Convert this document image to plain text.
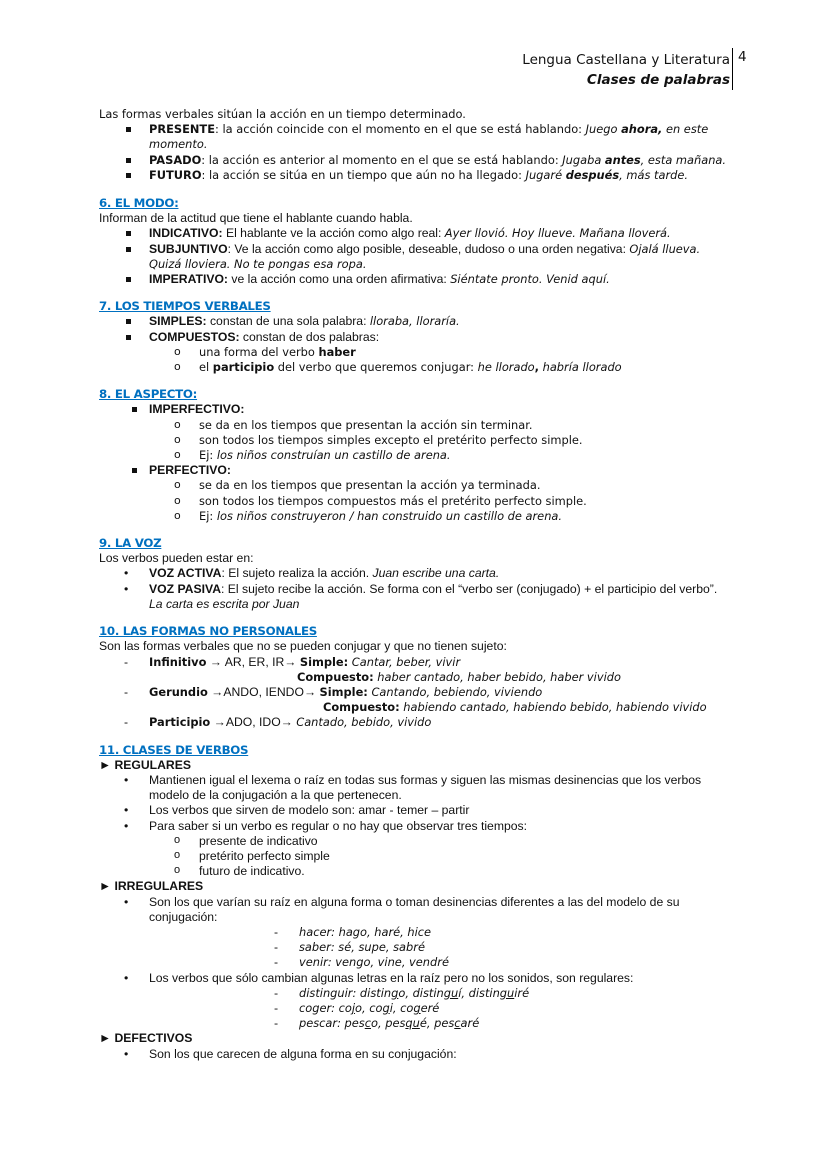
Lengua Castellana y Literatura
Clases de palabras
4

Las formas verbales sitúan la acción en un tiempo determinado.

PRESENTE: la acción coincide con el momento en el que se está hablando: Juego ahora, en este
momento.
PASADO: la acción es anterior al momento en el que se está hablando: Jugaba antes, esta mañana.
FUTURO: la acción se sitúa en un tiempo que aún no ha llegado: Jugaré después, más tarde.

6. EL MODO:

Informan de la actitud que tiene el hablante cuando habla.

INDICATIVO: El hablante ve la acción como algo real: Ayer llovió. Hoy llueve. Mañana lloverá.
SUBJUNTIVO: Ve la acción como algo posible, deseable, dudoso o una orden negativa: Ojalá llueva.
Quizá lloviera. No te pongas esa ropa.
IMPERATIVO: ve la acción como una orden afirmativa: Siéntate pronto. Venid aquí.

7. LOS TIEMPOS VERBALES

SIMPLES: constan de una sola palabra: lloraba, lloraría.
COMPUESTOS: constan de dos palabras:
o una forma del verbo haber
o el participio del verbo que queremos conjugar: he llorado, habría llorado

8. EL ASPECTO:

IMPERFECTIVO:
o se da en los tiempos que presentan la acción sin terminar.
o son todos los tiempos simples excepto el pretérito perfecto simple.
o Ej: los niños construían un castillo de arena.
PERFECTIVO:
o se da en los tiempos que presentan la acción ya terminada.
o son todos los tiempos compuestos más el pretérito perfecto simple.
o Ej: los niños construyeron / han construido un castillo de arena.

9. LA VOZ

Los verbos pueden estar en:

• VOZ ACTIVA: El sujeto realiza la acción. Juan escribe una carta.
• VOZ PASIVA: El sujeto recibe la acción. Se forma con el “verbo ser (conjugado) + el participio del verbo”.
La carta es escrita por Juan

10. LAS FORMAS NO PERSONALES

Son las formas verbales que no se pueden conjugar y que no tienen sujeto:

- Infinitivo → AR, ER, IR→ Simple: Cantar, beber, vivir
Compuesto: haber cantado, haber bebido, haber vivido
- Gerundio →ANDO, IENDO→ Simple: Cantando, bebiendo, viviendo
Compuesto: habiendo cantado, habiendo bebido, habiendo vivido
- Participio →ADO, IDO→ Cantado, bebido, vivido

11. CLASES DE VERBOS

► REGULARES

• Mantienen igual el lexema o raíz en todas sus formas y siguen las mismas desinencias que los verbos
modelo de la conjugación a la que pertenecen.
• Los verbos que sirven de modelo son: amar - temer – partir
• Para saber si un verbo es regular o no hay que observar tres tiempos:
o presente de indicativo
o pretérito perfecto simple
o futuro de indicativo.

► IRREGULARES

• Son los que varían su raíz en alguna forma o toman desinencias diferentes a las del modelo de su
conjugación:
- hacer: hago, haré, hice
- saber: sé, supe, sabré
- venir: vengo, vine, vendré
• Los verbos que sólo cambian algunas letras en la raíz pero no los sonidos, son regulares:
- distinguir: distingo, distinguí, distinguiré
- coger: cojo, cogi, cogeré
- pescar: pesco, pesqué, pescaré

► DEFECTIVOS

• Son los que carecen de alguna forma en su conjugación:
